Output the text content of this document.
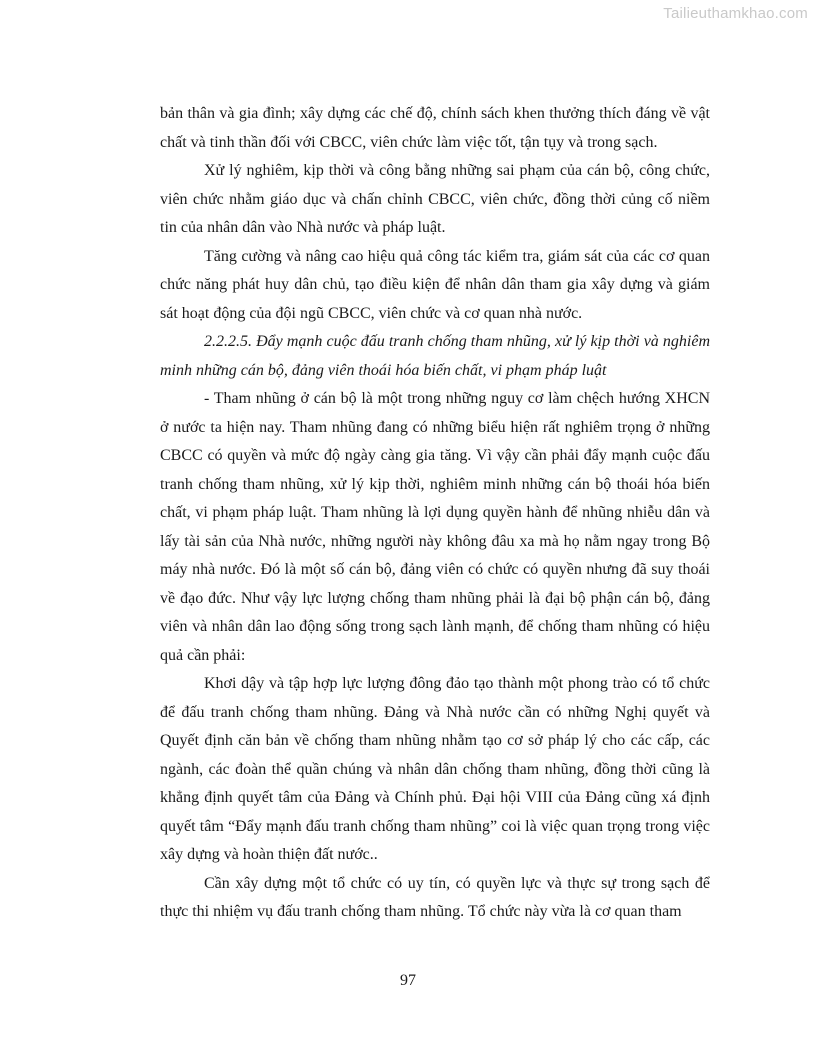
Tailieuthamkhao.com

bản thân và gia đình; xây dựng các chế độ, chính sách khen thưởng thích đáng về vật chất và tinh thần đối với CBCC, viên chức làm việc tốt, tận tụy và trong sạch.

Xử lý nghiêm, kịp thời và công bằng những sai phạm của cán bộ, công chức, viên chức nhằm giáo dục và chấn chỉnh CBCC, viên chức, đồng thời củng cố niềm tin của nhân dân vào Nhà nước và pháp luật.

Tăng cường và nâng cao hiệu quả công tác kiểm tra, giám sát của các cơ quan chức năng phát huy dân chủ, tạo điều kiện để nhân dân tham gia xây dựng và giám sát hoạt động của đội ngũ CBCC, viên chức và cơ quan nhà nước.

2.2.2.5. Đẩy mạnh cuộc đấu tranh chống tham nhũng, xử lý kịp thời và nghiêm minh những cán bộ, đảng viên thoái hóa biến chất, vi phạm pháp luật

- Tham nhũng ở cán bộ là một trong những nguy cơ làm chệch hướng XHCN ở nước ta hiện nay. Tham nhũng đang có những biểu hiện rất nghiêm trọng ở những CBCC có quyền và mức độ ngày càng gia tăng. Vì vậy cần phải đẩy mạnh cuộc đấu tranh chống tham nhũng, xử lý kịp thời, nghiêm minh những cán bộ thoái hóa biến chất, vi phạm pháp luật. Tham nhũng là lợi dụng quyền hành để nhũng nhiễu dân và lấy tài sản của Nhà nước, những người này không đâu xa mà họ nằm ngay trong Bộ máy nhà nước. Đó là một số cán bộ, đảng viên có chức có quyền nhưng đã suy thoái về đạo đức. Như vậy lực lượng chống tham nhũng phải là đại bộ phận cán bộ, đảng viên và nhân dân lao động sống trong sạch lành mạnh, để chống tham nhũng có hiệu quả cần phải:

Khơi dậy và tập hợp lực lượng đông đảo tạo thành một phong trào có tổ chức để đấu tranh chống tham nhũng. Đảng và Nhà nước cần có những Nghị quyết và Quyết định căn bản về chống tham nhũng nhằm tạo cơ sở pháp lý cho các cấp, các ngành, các đoàn thể quần chúng và nhân dân chống tham nhũng, đồng thời cũng là khẳng định quyết tâm của Đảng và Chính phủ. Đại hội VIII của Đảng cũng xá định quyết tâm “Đẩy mạnh đấu tranh chống tham nhũng” coi là việc quan trọng trong việc xây dựng và hoàn thiện đất nước..

Cần xây dựng một tổ chức có uy tín, có quyền lực và thực sự trong sạch để thực thi nhiệm vụ đấu tranh chống tham nhũng. Tổ chức này vừa là cơ quan tham

97
